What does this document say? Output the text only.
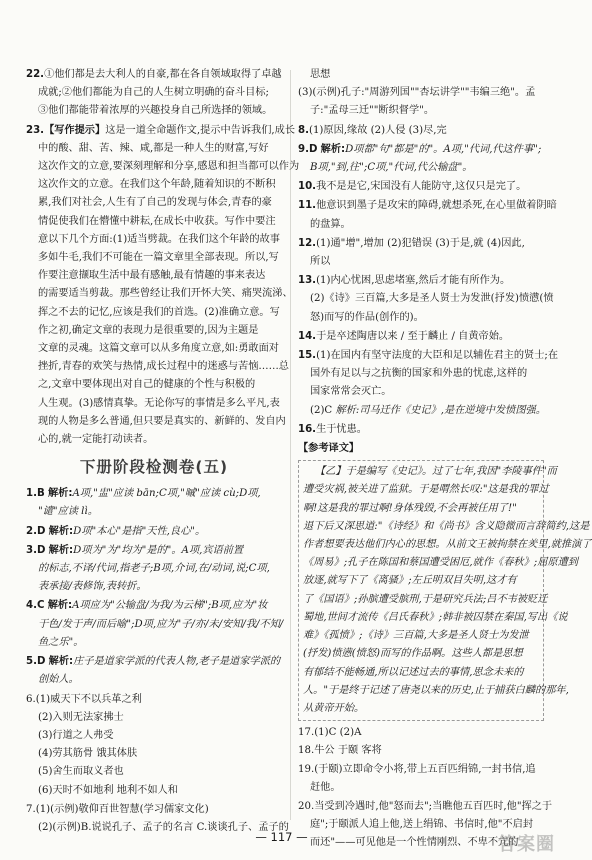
22.①他们都是去大利人的自豪,都在各自领域取得了卓越
成就;②他们都能为自己的人生树立明确的奋斗目标;
③他们都能带着浓厚的兴趣投身自己所选择的领域。
23.【写作提示】这是一道全命题作文,提示中告诉我们,成长
中的酸、甜、苦、辣、咸,都是一种人生的财富,写好
这次作文的立意,要深刻理解和分享,感恩和担当都可以作为
这次作文的立意。在我们这个年龄,随着知识的不断积
累,我们对社会,人生有了自己的发现与体会,青春的豪
情促使我们在懵懂中耕耘,在成长中收获。写作中要注
意以下几个方面:(1)适当劈裁。在我们这个年龄的故事
多如牛毛,我们不可能在一篇文章里全部表现。所以,写
作要注意撷取生活中最有感触,最有情趣的事来表达
的需要适当剪裁。那些曾经让我们开怀大笑、痛哭流涕、
挥之不去的记忆,应该是我们的首选。(2)准确立意。写
作之初,确定文章的表现力是很重要的,因为主题是
文章的灵魂。这篇文章可以从多角度立意,如:勇敢面对
挫折,青春的欢笑与热情,成长过程中的迷惑与苦恼……总
之,文章中要体现出对自己的健康的个性与积极的
人生观。(3)感情真挚。无论你写的事情是多么平凡,表
现的人物是多么普通,但只要是真实的、新鲜的、发自内
心的,就一定能打动读者。
下册阶段检测卷(五)
1.B 解析:A项,"盅"应读 bān;C项,"嘁"应读 cù;D项,
"谴"应读 lì。
2.D 解析:D项"本心"是指"天性,良心"。
3.D 解析:D项为"为"均为"是的"。A项,宾语前置
的标志,不译/代词,指老子;B项,介词,在/动词,说;C项,
表承接/表修饰,表转折。
4.C 解析:A项应为"公输盘/为我/为云梯";B项,应为"妆
于色/发于声/而后喻";D项,应为"子/亦/未/安知/我/不知/
鱼之乐"。
5.D 解析:庄子是道家学派的代表人物,老子是道家学派的
创始人。
6.(1)威天下不以兵革之利
(2)入则无法家拂士
(3)行道之人弗受
(4)劳其筋骨 饿其体肤
(5)舍生而取义者也
(6)天时不如地利 地利不如人和
7.(1)(示例)敬仰百世智慧(学习儒家文化)
(2)(示例)B.说说孔子、孟子的名言 C.谈谈孔子、孟子的
思想
(3)(示例)孔子:"周游列国""杏坛讲学""韦编三绝"。孟
子:"孟母三迁""断织督学"。
8.(1)原因,缘故 (2)人侵 (3)尽,完
9.D 解析:D项都"句"都是"的"。A项,"代词,代这件事";
B项,"到,往";C项,"代词,代公输盘"。
10.我不是是它,宋国没有人能防守,这仅只是完了。
11.他意识到墨子是攻宋的障碍,就想杀死,在心里做着阴暗
的盘算。
12.(1)通"增",增加 (2)犯错误 (3)于是,就 (4)因此,
所以
13.(1)内心忧困,思虑堵塞,然后才能有所作为。
(2)《诗》三百篇,大多是圣人贤士为发泄(抒发)愤懑(愤
怒)而写的作品(创作的)。
14.于是卒述陶唐以来 / 至于麟止 / 自黄帝始。
15.(1)在国内有坚守法度的大臣和足以辅佐君主的贤士;在
国外有足以与之抗衡的国家和外患的忧虑,这样的
国家常常会灭亡。
(2)C 解析:司马迁作《史记》,是在逆境中发愤图强。
16.生于忧患。
【参考译文】
【乙】于是编写《史记》。过了七年,我因"李陵事件"而
遭受灾祸,被关进了监狱。于是喟然长叹:"这是我的罪过
啊!这是我的罪过啊!身体残毁,不会再被任用了!"
退下后又深思道:"《诗经》和《尚书》含义隐微而言辞简约,这是
作者想要表达他们内心的思想。从前文王被拘禁在羑里,就推演了
《周易》;孔子在陈国和蔡国遭受困厄,就作《春秋》;屈原遭到
放逐,就写下了《离骚》;左丘明双目失明,这才有
了《国语》;孙膑遭受膑刑,于是研究兵法;吕不韦被贬迁
蜀地,世间才流传《吕氏春秋》;韩非被囚禁在秦国,写出《说
难》《孤愤》;《诗》三百篇,大多是圣人贤士为发泄
(抒发)愤懑(愤怒)而写的作品啊。这些人都是思想
有郁结不能畅通,所以记述过去的事情,思念未来的
人。"于是终于记述了唐尧以来的历史,止于捕获白麟的那年,
从黄帝开始。
17.(1)C (2)A
18.牛公 于颐 客将
19.(于颐)立即命令小将,带上五百匹绢锦,一封书信,追
赶他。
20.当受到冷遇时,他"怒而去";当瞧他五百匹时,他"挥之于
庭";于颐派人追上他,送上绢锦、书信时,他"不启封
而还"——可见他是一个性情刚烈、不卑不亢的
— 117 —	答案圈
